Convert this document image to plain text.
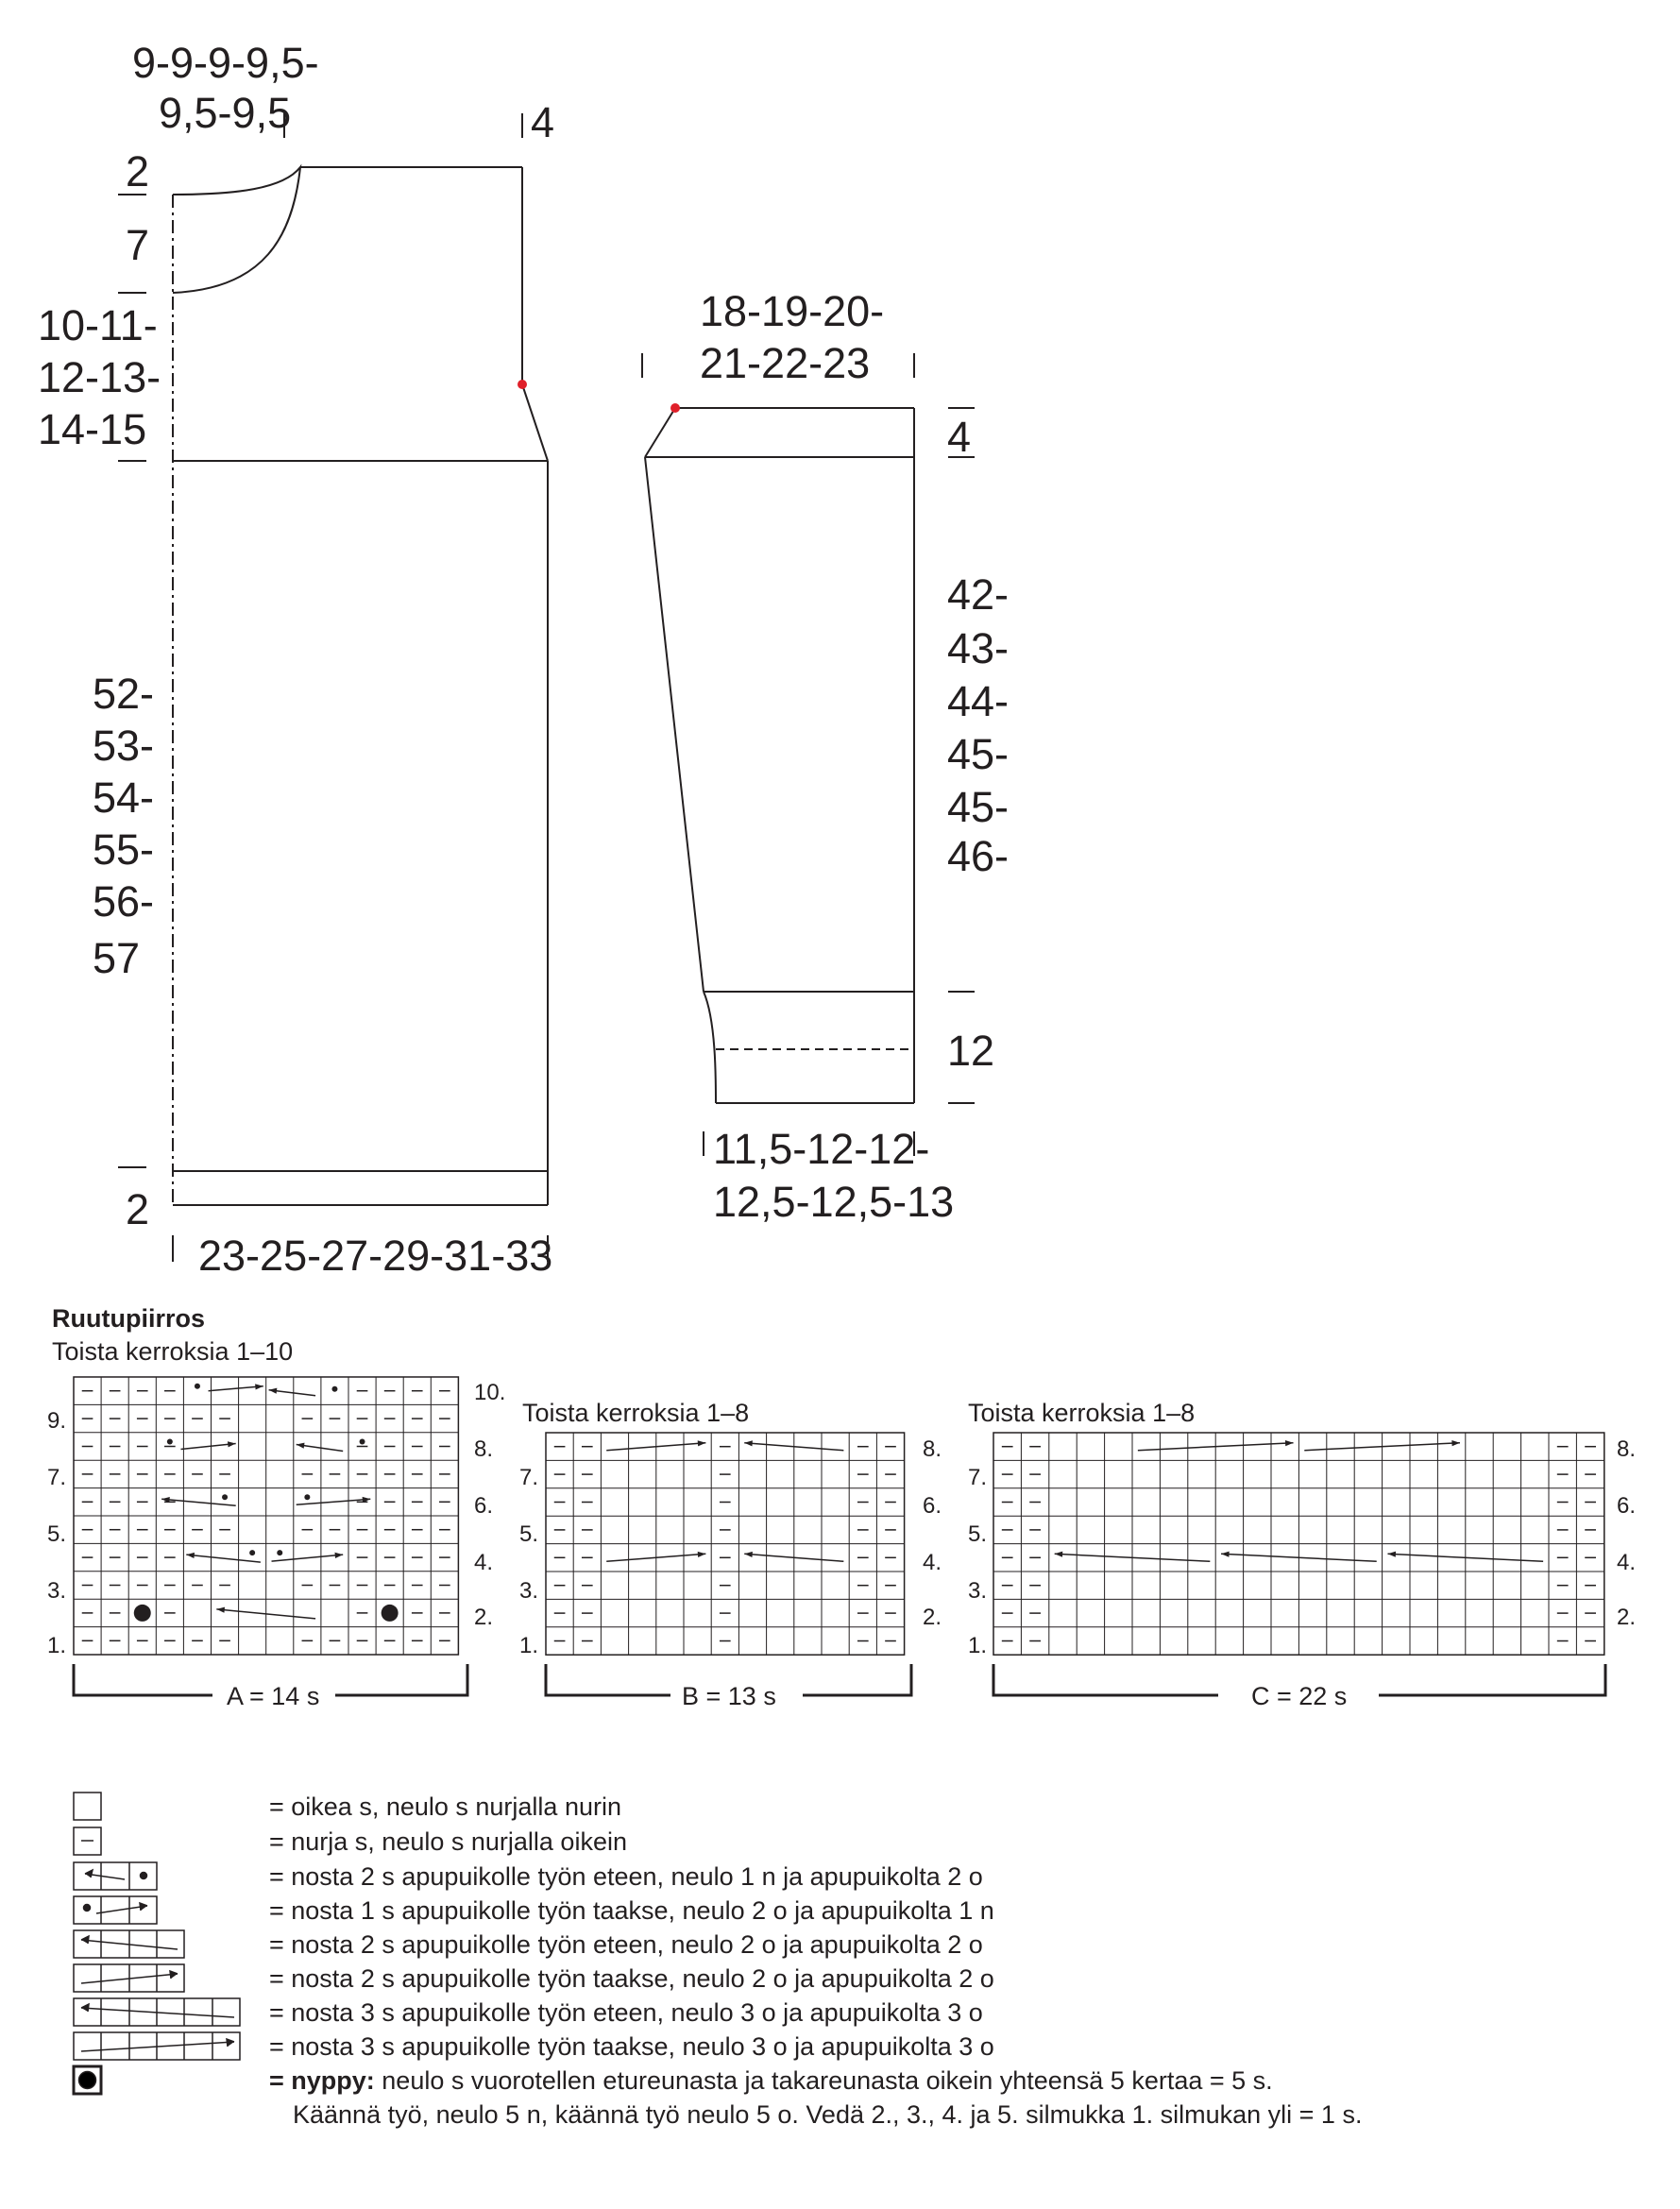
9-9-9-9,5-
9,5-9,5	4
2
7
10-11-
12-13-
14-15
52-
53-
54-
55-
56-
57
2
23-25-27-29-31-33
18-19-20-
21-22-23
4
42-
43-
44-
45-
45-
46-
12
11,5-12-12-
12,5-12,5-13
Ruutupiirros
Toista kerroksia 1–10
Toista kerroksia 1–8	Toista kerroksia 1–8
9.
7.
5.
3.
1.
10.
8.
6.
4.
2.
7.
5.
3.
1.
8.
6.
4.
2.
7.
5.
3.
1.
8.
6.
4.
2.
A = 14 s	B = 13 s	C = 22 s
= oikea s, neulo s nurjalla nurin
= nurja s, neulo s nurjalla oikein
= nosta 2 s apupuikolle työn eteen, neulo 1 n ja apupuikolta 2 o
= nosta 1 s apupuikolle työn taakse, neulo 2 o ja apupuikolta 1 n
= nosta 2 s apupuikolle työn eteen, neulo 2 o ja apupuikolta 2 o
= nosta 2 s apupuikolle työn taakse, neulo 2 o ja apupuikolta 2 o
= nosta 3 s apupuikolle työn eteen, neulo 3 o ja apupuikolta 3 o
= nosta 3 s apupuikolle työn taakse, neulo 3 o ja apupuikolta 3 o
= nyppy: neulo s vuorotellen etureunasta ja takareunasta oikein yhteensä 5 kertaa = 5 s.
Käännä työ, neulo 5 n, käännä työ neulo 5 o. Vedä 2., 3., 4. ja 5. silmukka 1. silmukan yli = 1 s.
